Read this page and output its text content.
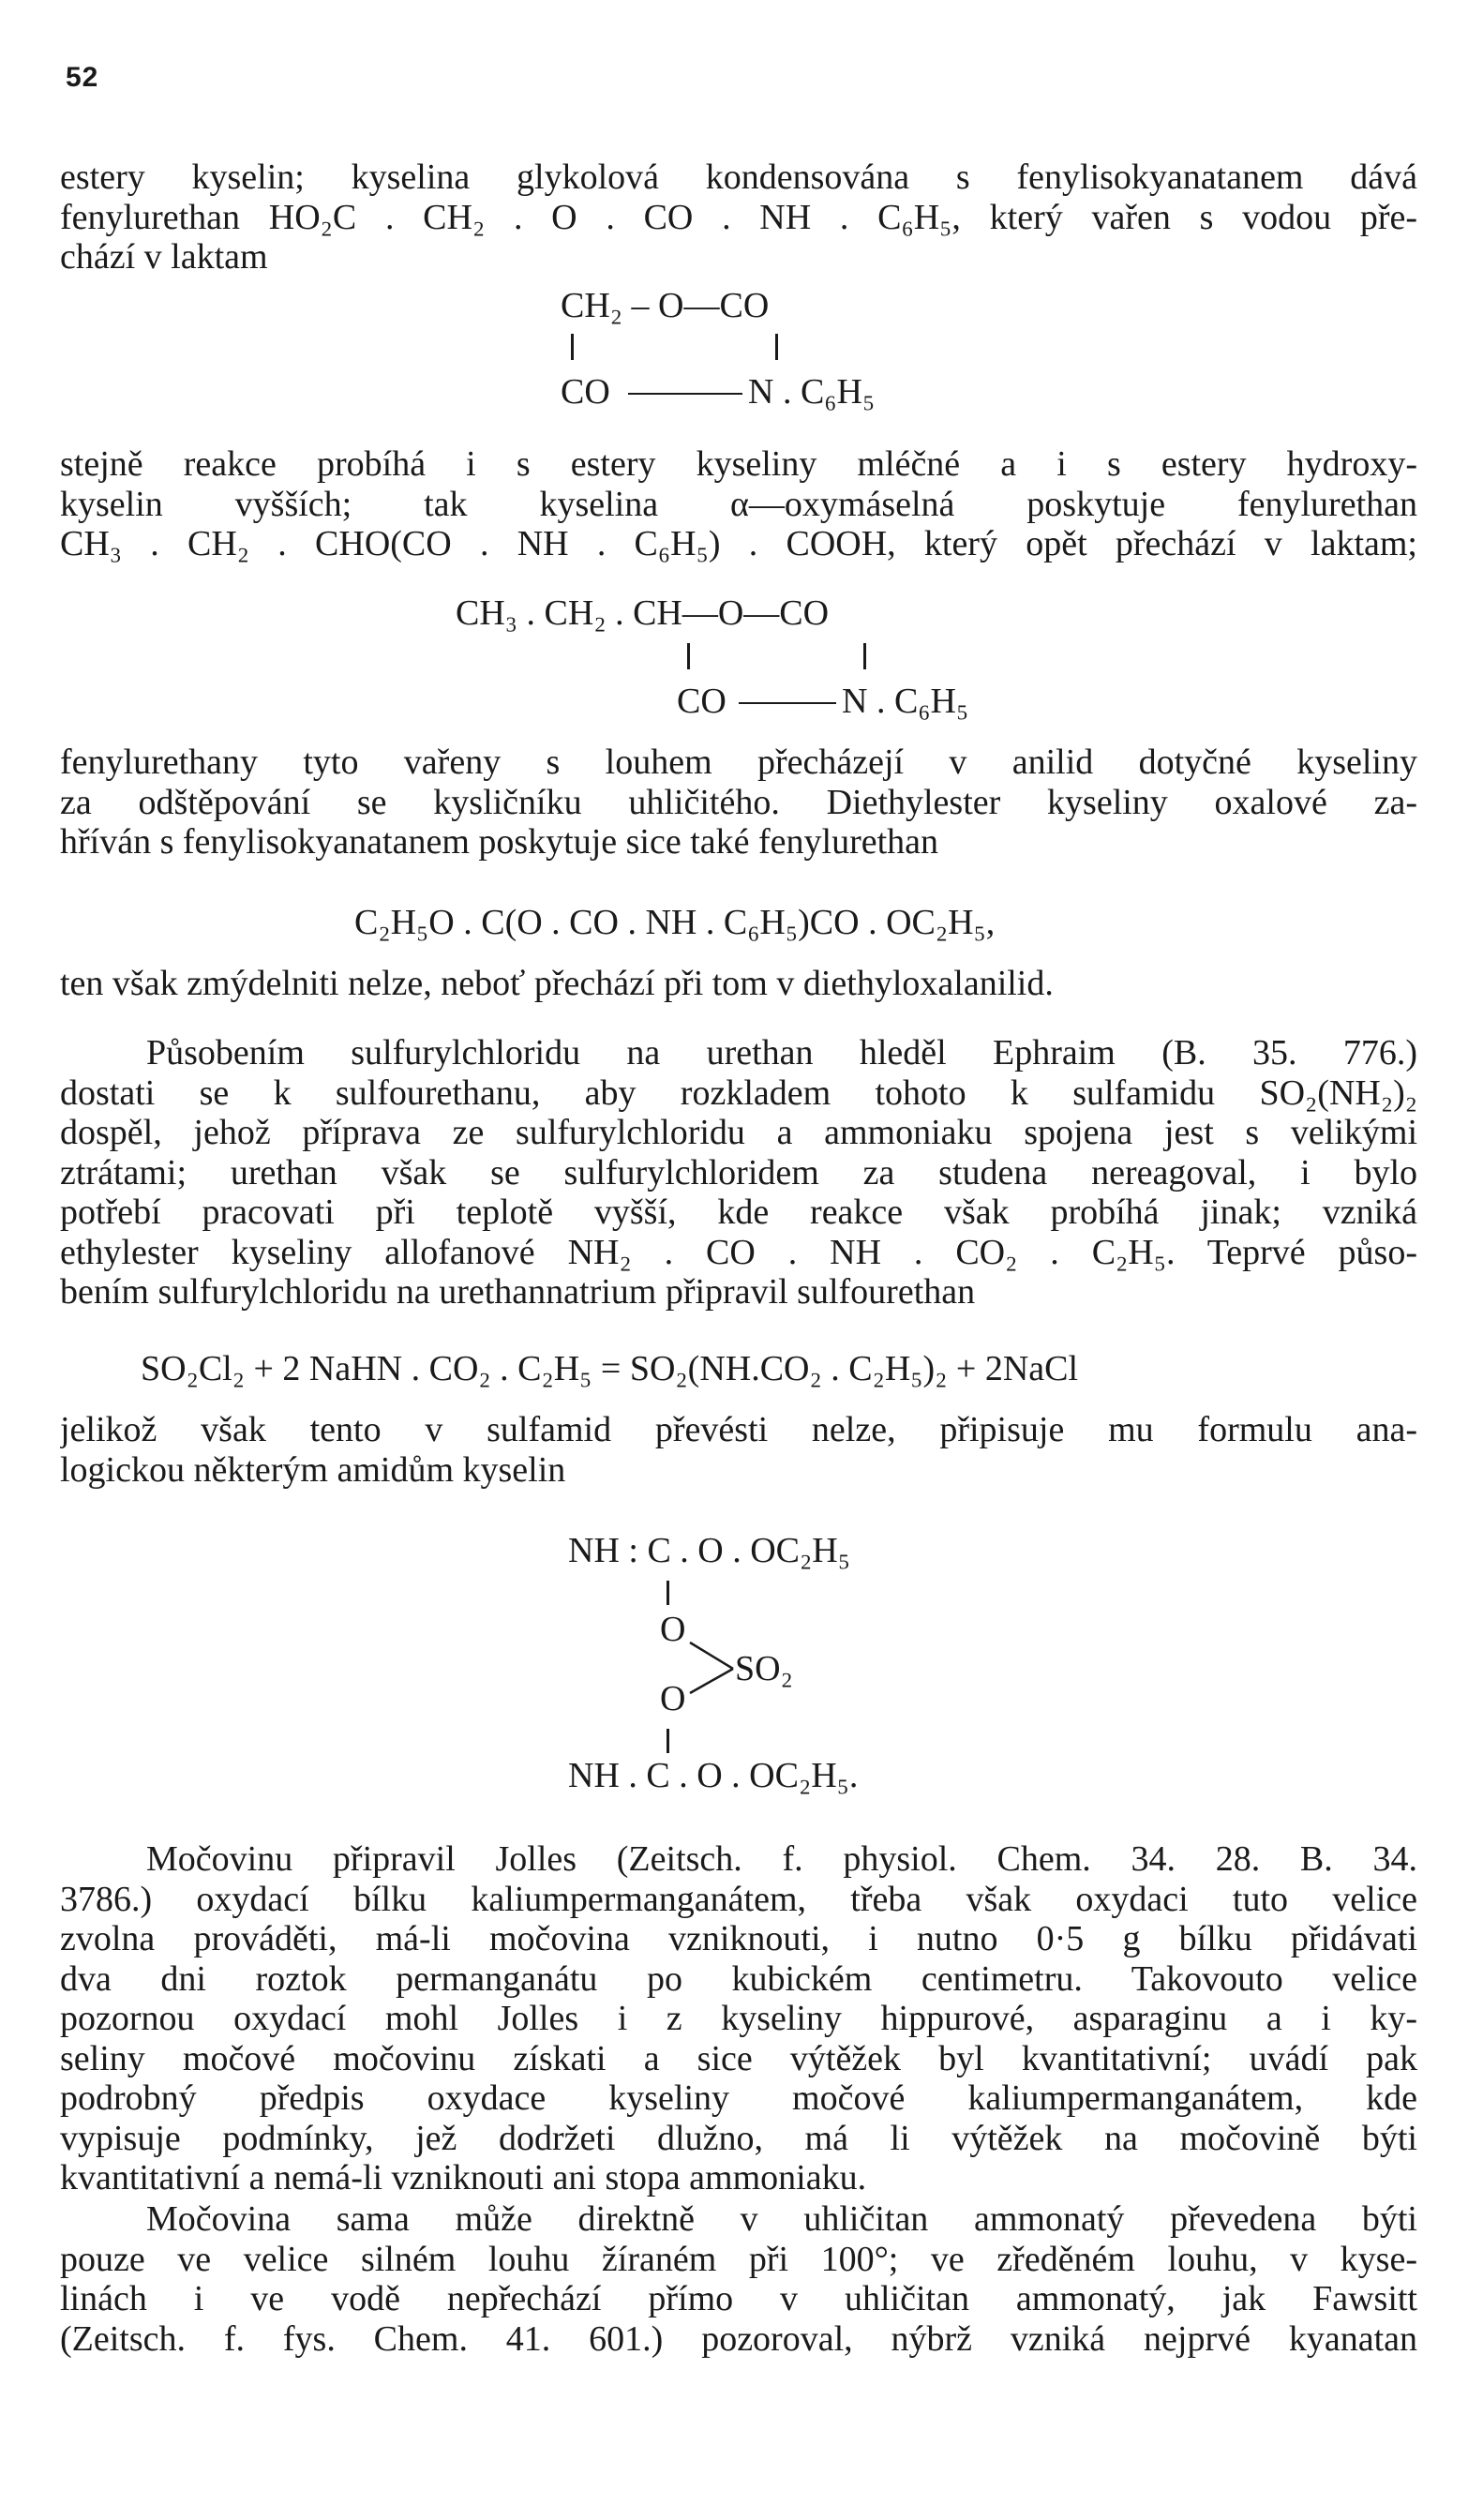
52
estery kyselin; kyselina glykolová kondensována s fenylisokyanatanem dává
fenylurethan HO₂C . CH₂ . O . CO . NH . C₆H₅, který vařen s vodou pře-
chází v laktam
CH₂ – O—CO
CO	N . C₆H₅
stejně reakce probíhá i s estery kyseliny mléčné a i s estery hydroxy-
kyselin vyšších; tak kyselina α—oxymáselná poskytuje fenylurethan
CH₃ . CH₂ . CHO(CO . NH . C₆H₅) . COOH, který opět přechází v laktam;
CH₃ . CH₂ . CH—O—CO
CO	N . C₆H₅
fenylurethany tyto vařeny s louhem přecházejí v anilid dotyčné kyseliny
za odštěpování se kysličníku uhličitého. Diethylester kyseliny oxalové za-
hříván s fenylisokyanatanem poskytuje sice také fenylurethan
C₂H₅O . C(O . CO . NH . C₆H₅)CO . OC₂H₅,
ten však zmýdelniti nelze, neboť přechází při tom v diethyloxalanilid.
Působením sulfurylchloridu na urethan hleděl Ephraim (B. 35. 776.)
dostati se k sulfourethanu, aby rozkladem tohoto k sulfamidu SO₂(NH₂)₂
dospěl, jehož příprava ze sulfurylchloridu a ammoniaku spojena jest s velikými
ztrátami; urethan však se sulfurylchloridem za studena nereagoval, i bylo
potřebí pracovati při teplotě vyšší, kde reakce však probíhá jinak; vzniká
ethylester kyseliny allofanové NH₂ . CO . NH . CO₂ . C₂H₅. Teprvé půso-
bením sulfurylchloridu na urethannatrium připravil sulfourethan
SO₂Cl₂ + 2 NaHN . CO₂ . C₂H₅ = SO₂(NH.CO₂ . C₂H₅)₂ + 2NaCl
jelikož však tento v sulfamid převésti nelze, připisuje mu formulu ana-
logickou některým amidům kyselin
NH : C . O . OC₂H₅
O
SO₂
O
NH . C . O . OC₂H₅.
Močovinu připravil Jolles (Zeitsch. f. physiol. Chem. 34. 28. B. 34.
3786.) oxydací bílku kaliumpermanganátem, třeba však oxydaci tuto velice
zvolna prováděti, má-li močovina vzniknouti, i nutno 0·5 g bílku přidávati
dva dni roztok permanganátu po kubickém centimetru. Takovouto velice
pozornou oxydací mohl Jolles i z kyseliny hippurové, asparaginu a i ky-
seliny močové močovinu získati a sice výtěžek byl kvantitativní; uvádí pak
podrobný předpis oxydace kyseliny močové kaliumpermanganátem, kde
vypisuje podmínky, jež dodržeti dlužno, má li výtěžek na močovině býti
kvantitativní a nemá-li vzniknouti ani stopa ammoniaku.
Močovina sama může direktně v uhličitan ammonatý převedena býti
pouze ve velice silném louhu žíraném při 100°; ve zředěném louhu, v kyse-
linách i ve vodě nepřechází přímo v uhličitan ammonatý, jak Fawsitt
(Zeitsch. f. fys. Chem. 41. 601.) pozoroval, nýbrž vzniká nejprvé kyanatan
